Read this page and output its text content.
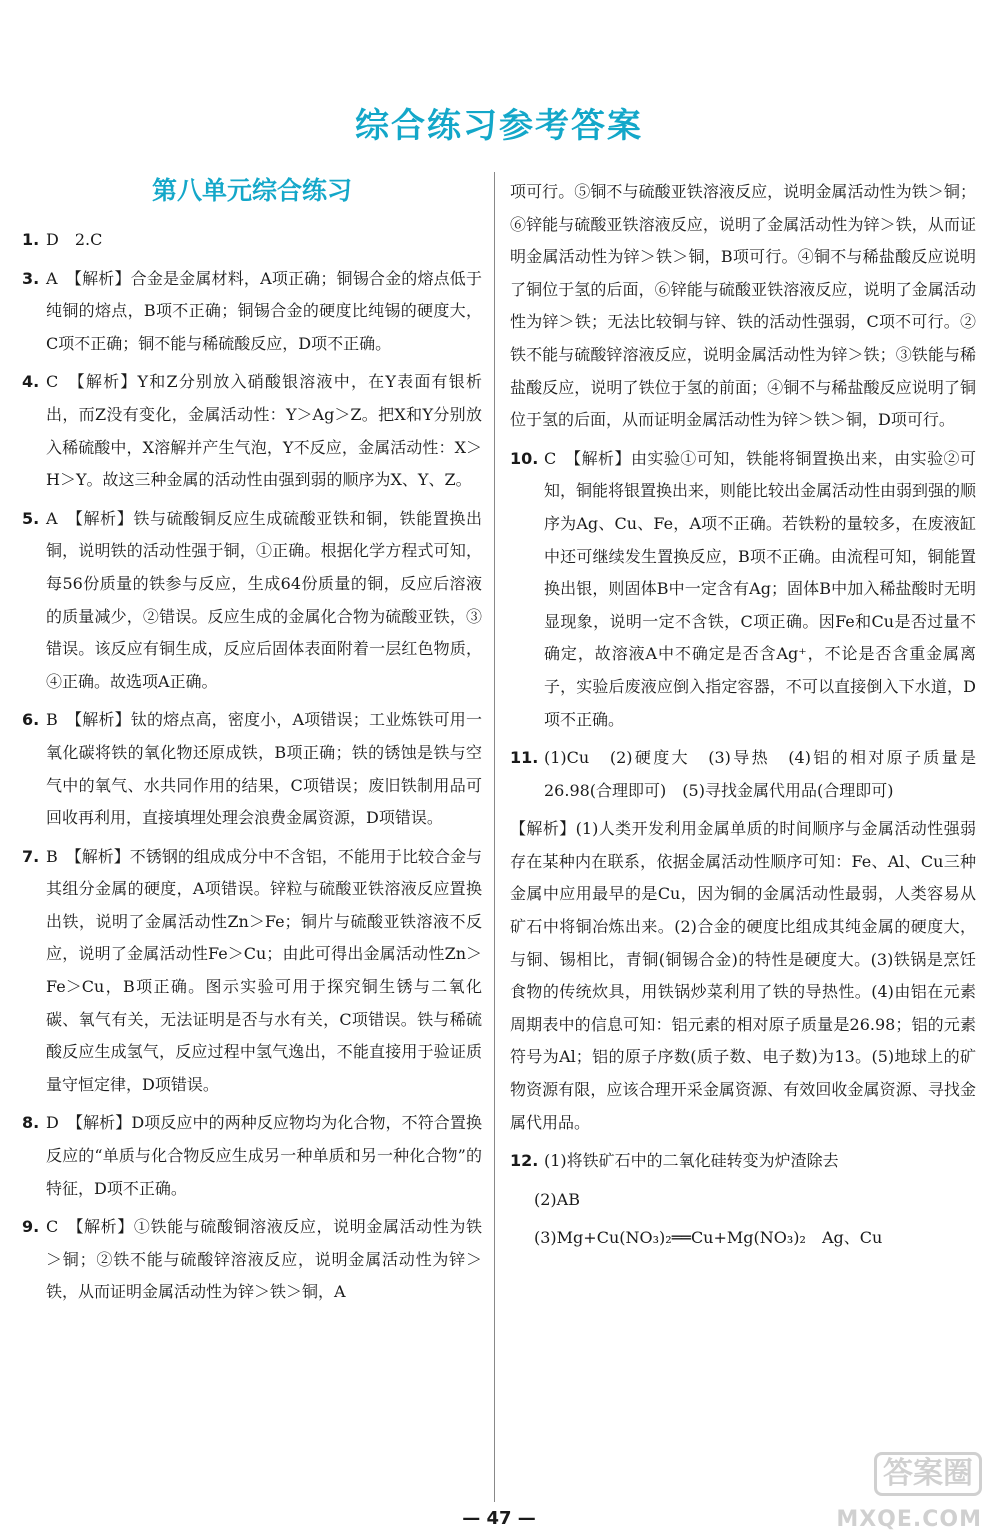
综合练习参考答案
第八单元综合练习
1. D　2.C
3. A　【解析】合金是金属材料，A项正确；铜锡合金的熔点低于纯铜的熔点，B项不正确；铜锡合金的硬度比纯锡的硬度大，C项不正确；铜不能与稀硫酸反应，D项不正确。
4. C　【解析】Y和Z分别放入硝酸银溶液中，在Y表面有银析出，而Z没有变化，金属活动性：Y＞Ag＞Z。把X和Y分别放入稀硫酸中，X溶解并产生气泡，Y不反应，金属活动性：X＞H＞Y。故这三种金属的活动性由强到弱的顺序为X、Y、Z。
5. A　【解析】铁与硫酸铜反应生成硫酸亚铁和铜，铁能置换出铜，说明铁的活动性强于铜，①正确。根据化学方程式可知，每56份质量的铁参与反应，生成64份质量的铜，反应后溶液的质量减少，②错误。反应生成的金属化合物为硫酸亚铁，③错误。该反应有铜生成，反应后固体表面附着一层红色物质，④正确。故选项A正确。
6. B　【解析】钛的熔点高，密度小，A项错误；工业炼铁可用一氧化碳将铁的氧化物还原成铁，B项正确；铁的锈蚀是铁与空气中的氧气、水共同作用的结果，C项错误；废旧铁制用品可回收再利用，直接填埋处理会浪费金属资源，D项错误。
7. B　【解析】不锈钢的组成成分中不含铝，不能用于比较合金与其组分金属的硬度，A项错误。锌粒与硫酸亚铁溶液反应置换出铁，说明了金属活动性Zn＞Fe；铜片与硫酸亚铁溶液不反应，说明了金属活动性Fe＞Cu；由此可得出金属活动性Zn＞Fe＞Cu，B项正确。图示实验可用于探究铜生锈与二氧化碳、氧气有关，无法证明是否与水有关，C项错误。铁与稀硫酸反应生成氢气，反应过程中氢气逸出，不能直接用于验证质量守恒定律，D项错误。
8. D　【解析】D项反应中的两种反应物均为化合物，不符合置换反应的“单质与化合物反应生成另一种单质和另一种化合物”的特征，D项不正确。
9. C　【解析】①铁能与硫酸铜溶液反应，说明金属活动性为铁＞铜；②铁不能与硫酸锌溶液反应，说明金属活动性为锌＞铁，从而证明金属活动性为锌＞铁＞铜，A
项可行。⑤铜不与硫酸亚铁溶液反应，说明金属活动性为铁＞铜；⑥锌能与硫酸亚铁溶液反应，说明了金属活动性为锌＞铁，从而证明金属活动性为锌＞铁＞铜，B项可行。④铜不与稀盐酸反应说明了铜位于氢的后面，⑥锌能与硫酸亚铁溶液反应，说明了金属活动性为锌＞铁；无法比较铜与锌、铁的活动性强弱，C项不可行。②铁不能与硫酸锌溶液反应，说明金属活动性为锌＞铁；③铁能与稀盐酸反应，说明了铁位于氢的前面；④铜不与稀盐酸反应说明了铜位于氢的后面，从而证明金属活动性为锌＞铁＞铜，D项可行。
10. C　【解析】由实验①可知，铁能将铜置换出来，由实验②可知，铜能将银置换出来，则能比较出金属活动性由弱到强的顺序为Ag、Cu、Fe，A项不正确。若铁粉的量较多，在废液缸中还可继续发生置换反应，B项不正确。由流程可知，铜能置换出银，则固体B中一定含有Ag；固体B中加入稀盐酸时无明显现象，说明一定不含铁，C项正确。因Fe和Cu是否过量不确定，故溶液A中不确定是否含Ag⁺，不论是否含重金属离子，实验后废液应倒入指定容器，不可以直接倒入下水道，D项不正确。
11. (1)Cu　(2)硬度大　(3)导热　(4)铝的相对原子质量是26.98(合理即可)　(5)寻找金属代用品(合理即可)
【解析】(1)人类开发利用金属单质的时间顺序与金属活动性强弱存在某种内在联系，依据金属活动性顺序可知：Fe、Al、Cu三种金属中应用最早的是Cu，因为铜的金属活动性最弱，人类容易从矿石中将铜冶炼出来。(2)合金的硬度比组成其纯金属的硬度大，与铜、锡相比，青铜(铜锡合金)的特性是硬度大。(3)铁锅是烹饪食物的传统炊具，用铁锅炒菜利用了铁的导热性。(4)由铝在元素周期表中的信息可知：铝元素的相对原子质量是26.98；铝的元素符号为Al；铝的原子序数(质子数、电子数)为13。(5)地球上的矿物资源有限，应该合理开采金属资源、有效回收金属资源、寻找金属代用品。
12. (1)将铁矿石中的二氧化硅转变为炉渣除去
(2)AB
(3)Mg+Cu(NO₃)₂══Cu+Mg(NO₃)₂　Ag、Cu
— 47 —
答案圈
MXQE.COM
